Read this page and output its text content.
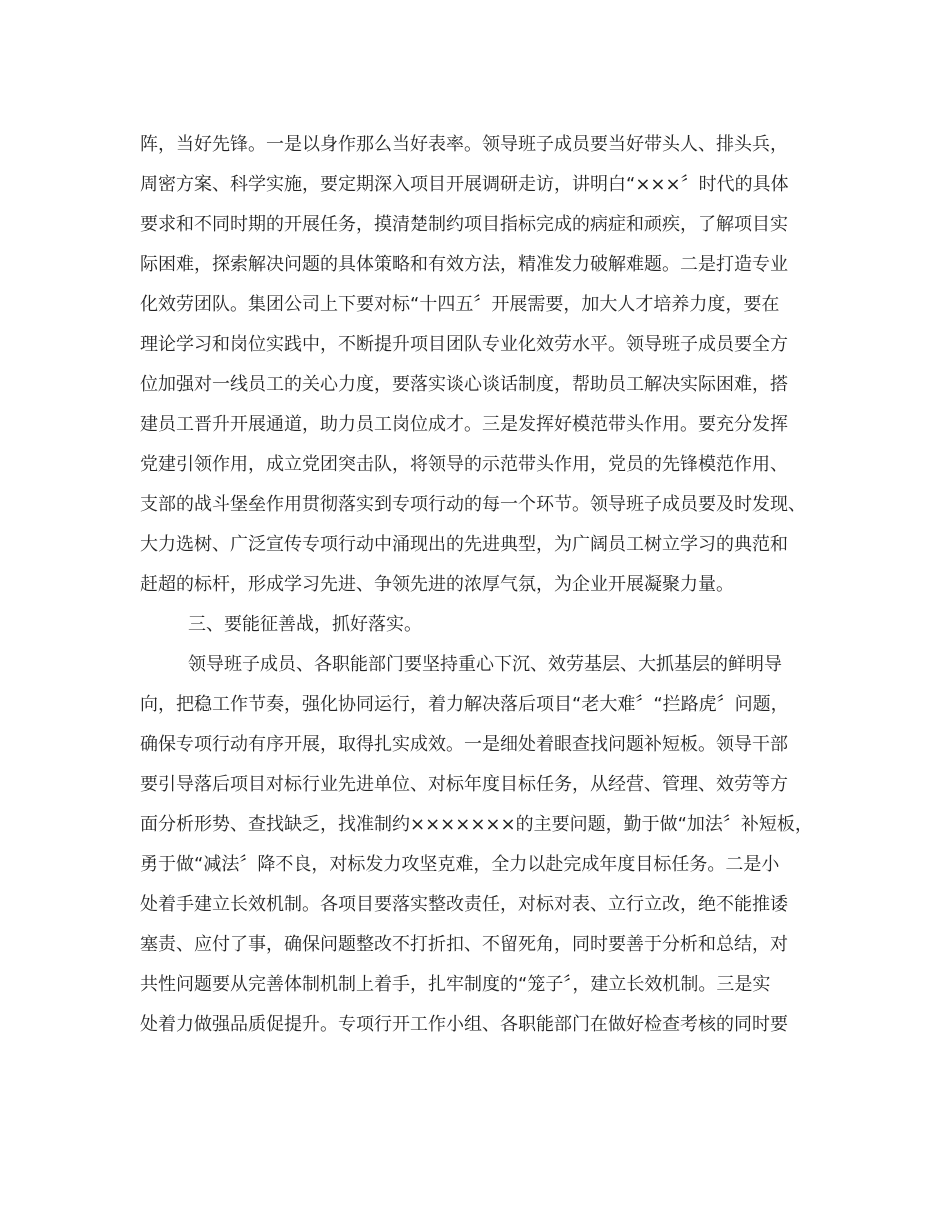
阵，当好先锋。一是以身作那么当好表率。领导班子成员要当好带头人、排头兵，
周密方案、科学实施，要定期深入项目开展调研走访，讲明白“×××〞时代的具体
要求和不同时期的开展任务，摸清楚制约项目指标完成的病症和顽疾，了解项目实
际困难，探索解决问题的具体策略和有效方法，精准发力破解难题。二是打造专业
化效劳团队。集团公司上下要对标“十四五〞开展需要，加大人才培养力度，要在
理论学习和岗位实践中，不断提升项目团队专业化效劳水平。领导班子成员要全方
位加强对一线员工的关心力度，要落实谈心谈话制度，帮助员工解决实际困难，搭
建员工晋升开展通道，助力员工岗位成才。三是发挥好模范带头作用。要充分发挥
党建引领作用，成立党团突击队，将领导的示范带头作用，党员的先锋模范作用、
支部的战斗堡垒作用贯彻落实到专项行动的每一个环节。领导班子成员要及时发现、
大力选树、广泛宣传专项行动中涌现出的先进典型，为广阔员工树立学习的典范和
赶超的标杆，形成学习先进、争领先进的浓厚气氛，为企业开展凝聚力量。
三、要能征善战，抓好落实。
领导班子成员、各职能部门要坚持重心下沉、效劳基层、大抓基层的鲜明导
向，把稳工作节奏，强化协同运行，着力解决落后项目“老大难〞“拦路虎〞问题，
确保专项行动有序开展，取得扎实成效。一是细处着眼查找问题补短板。领导干部
要引导落后项目对标行业先进单位、对标年度目标任务，从经营、管理、效劳等方
面分析形势、查找缺乏，找准制约×××××××的主要问题，勤于做“加法〞补短板，
勇于做“减法〞降不良，对标发力攻坚克难，全力以赴完成年度目标任务。二是小
处着手建立长效机制。各项目要落实整改责任，对标对表、立行立改，绝不能推诿
塞责、应付了事，确保问题整改不打折扣、不留死角，同时要善于分析和总结，对
共性问题要从完善体制机制上着手，扎牢制度的“笼子〞，建立长效机制。三是实
处着力做强品质促提升。专项行开工作小组、各职能部门在做好检查考核的同时要
